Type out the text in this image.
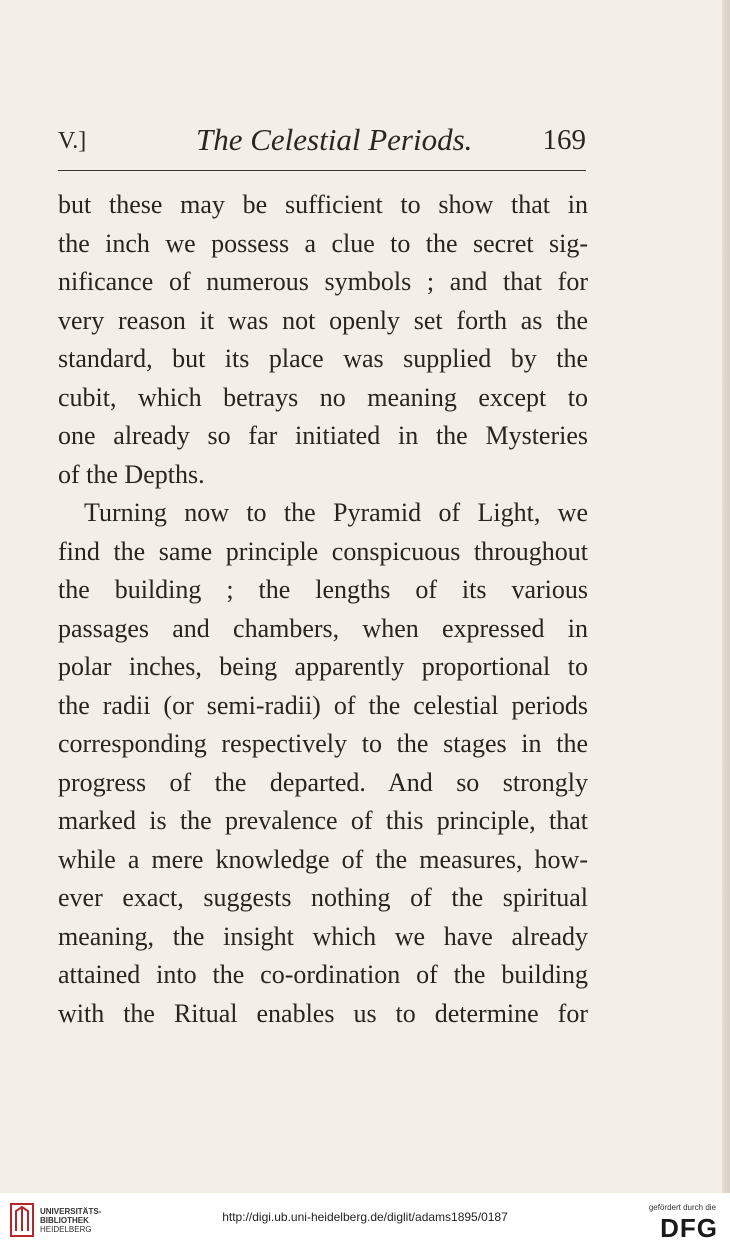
V.]	The Celestial Periods. 169
but these may be sufficient to show that in
the inch we possess a clue to the secret sig-
nificance of numerous symbols ; and that for
very reason it was not openly set forth as the
standard, but its place was supplied by the
cubit, which betrays no meaning except to
one already so far initiated in the Mysteries
of the Depths.
Turning now to the Pyramid of Light, we
find the same principle conspicuous throughout
the building ; the lengths of its various
passages and chambers, when expressed in
polar inches, being apparently proportional to
the radii (or semi-radii) of the celestial periods
corresponding respectively to the stages in the
progress of the departed. And so strongly
marked is the prevalence of this principle, that
while a mere knowledge of the measures, how-
ever exact, suggests nothing of the spiritual
meaning, the insight which we have already
attained into the co-ordination of the building
with the Ritual enables us to determine for
UNIVERSITÄTS-
BIBLIOTHEK
HEIDELBERG
http://digi.ub.uni-heidelberg.de/diglit/adams1895/0187
gefördert durch die
DFG
